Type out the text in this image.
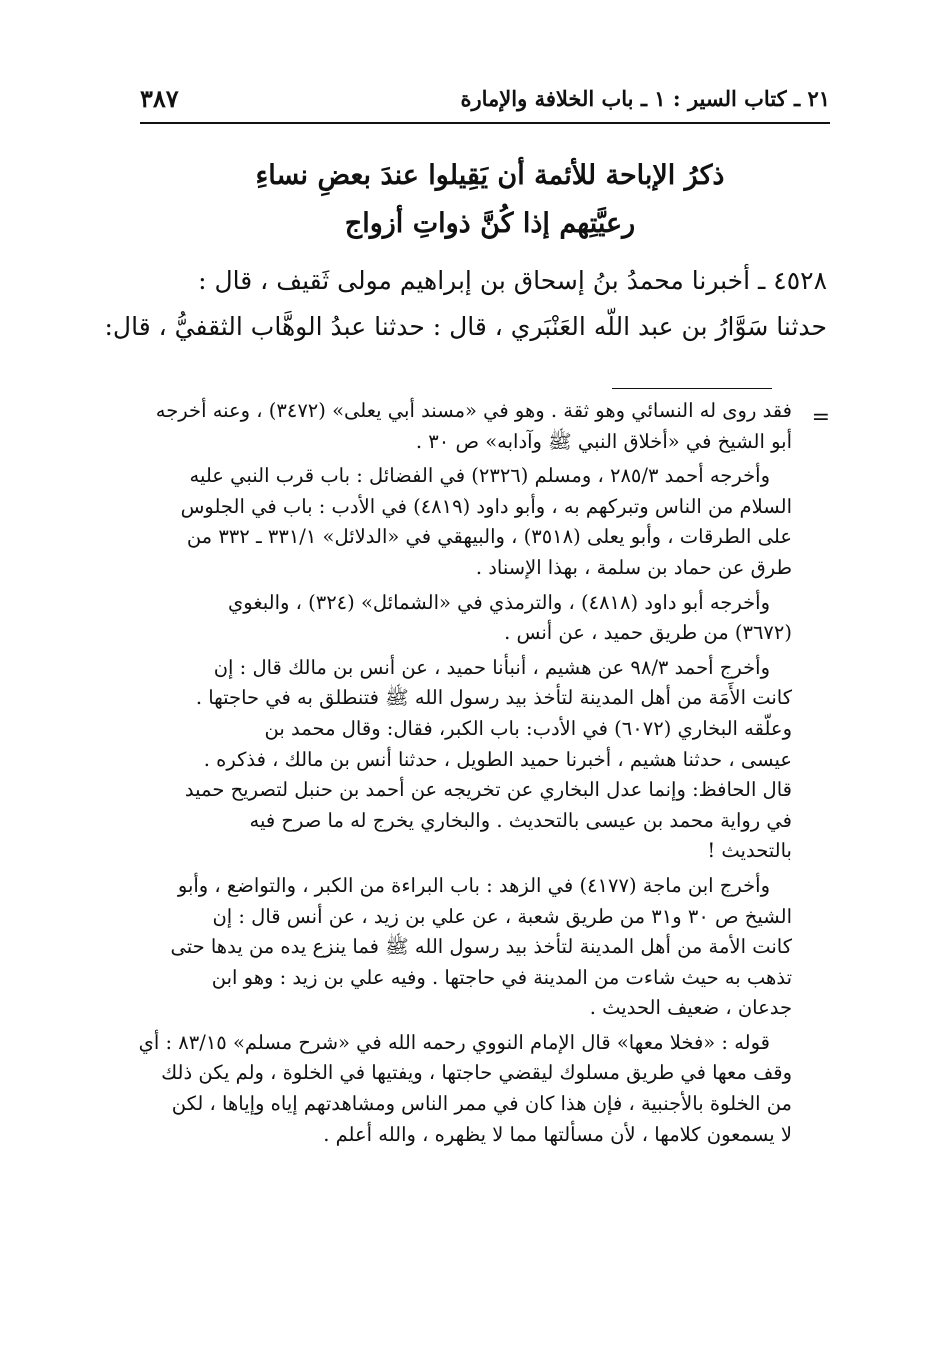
٢١ ـ كتاب السير : ١ ـ باب الخلافة والإمارة
٣٨٧
ذكرُ الإباحة للأئمة أن يَقِيلوا عندَ بعضِ نساءِ
رعيَّتِهم إذا كُنَّ ذواتِ أزواج
٤٥٢٨ ـ أخبرنا محمدُ بنُ إسحاق بن إبراهيم مولى ثَقيف ، قال :
حدثنا سَوَّارُ بن عبد اللّه العَنْبَري ، قال : حدثنا عبدُ الوهَّاب الثقفيُّ ، قال:
=
فقد روى له النسائي وهو ثقة . وهو في «مسند أبي يعلى» (٣٤٧٢) ، وعنه أخرجه
أبو الشيخ في «أخلاق النبي ﷺ وآدابه» ص ٣٠ .
وأخرجه أحمد ٢٨٥/٣ ، ومسلم (٢٣٢٦) في الفضائل : باب قرب النبي عليه
السلام من الناس وتبركهم به ، وأبو داود (٤٨١٩) في الأدب : باب في الجلوس
على الطرقات ، وأبو يعلى (٣٥١٨) ، والبيهقي في «الدلائل» ٣٣١/١ ـ ٣٣٢ من
طرق عن حماد بن سلمة ، بهذا الإسناد .
وأخرجه أبو داود (٤٨١٨) ، والترمذي في «الشمائل» (٣٢٤) ، والبغوي
(٣٦٧٢) من طريق حميد ، عن أنس .
وأخرج أحمد ٩٨/٣ عن هشيم ، أنبأنا حميد ، عن أنس بن مالك قال : إن
كانت الأَمَة من أهل المدينة لتأخذ بيد رسول الله ﷺ فتنطلق به في حاجتها .
وعلّقه البخاري (٦٠٧٢) في الأدب: باب الكبر، فقال: وقال محمد بن
عيسى ، حدثنا هشيم ، أخبرنا حميد الطويل ، حدثنا أنس بن مالك ، فذكره .
قال الحافظ: وإنما عدل البخاري عن تخريجه عن أحمد بن حنبل لتصريح حميد
في رواية محمد بن عيسى بالتحديث . والبخاري يخرج له ما صرح فيه
بالتحديث !
وأخرج ابن ماجة (٤١٧٧) في الزهد : باب البراءة من الكبر ، والتواضع ، وأبو
الشيخ ص ٣٠ و٣١ من طريق شعبة ، عن علي بن زيد ، عن أنس قال : إن
كانت الأمة من أهل المدينة لتأخذ بيد رسول الله ﷺ فما ينزع يده من يدها حتى
تذهب به حيث شاءت من المدينة في حاجتها . وفيه علي بن زيد : وهو ابن
جدعان ، ضعيف الحديث .
قوله : «فخلا معها» قال الإمام النووي رحمه الله في «شرح مسلم» ٨٣/١٥ : أي
وقف معها في طريق مسلوك ليقضي حاجتها ، ويفتيها في الخلوة ، ولم يكن ذلك
من الخلوة بالأجنبية ، فإن هذا كان في ممر الناس ومشاهدتهم إياه وإياها ، لكن
لا يسمعون كلامها ، لأن مسألتها مما لا يظهره ، والله أعلم .
